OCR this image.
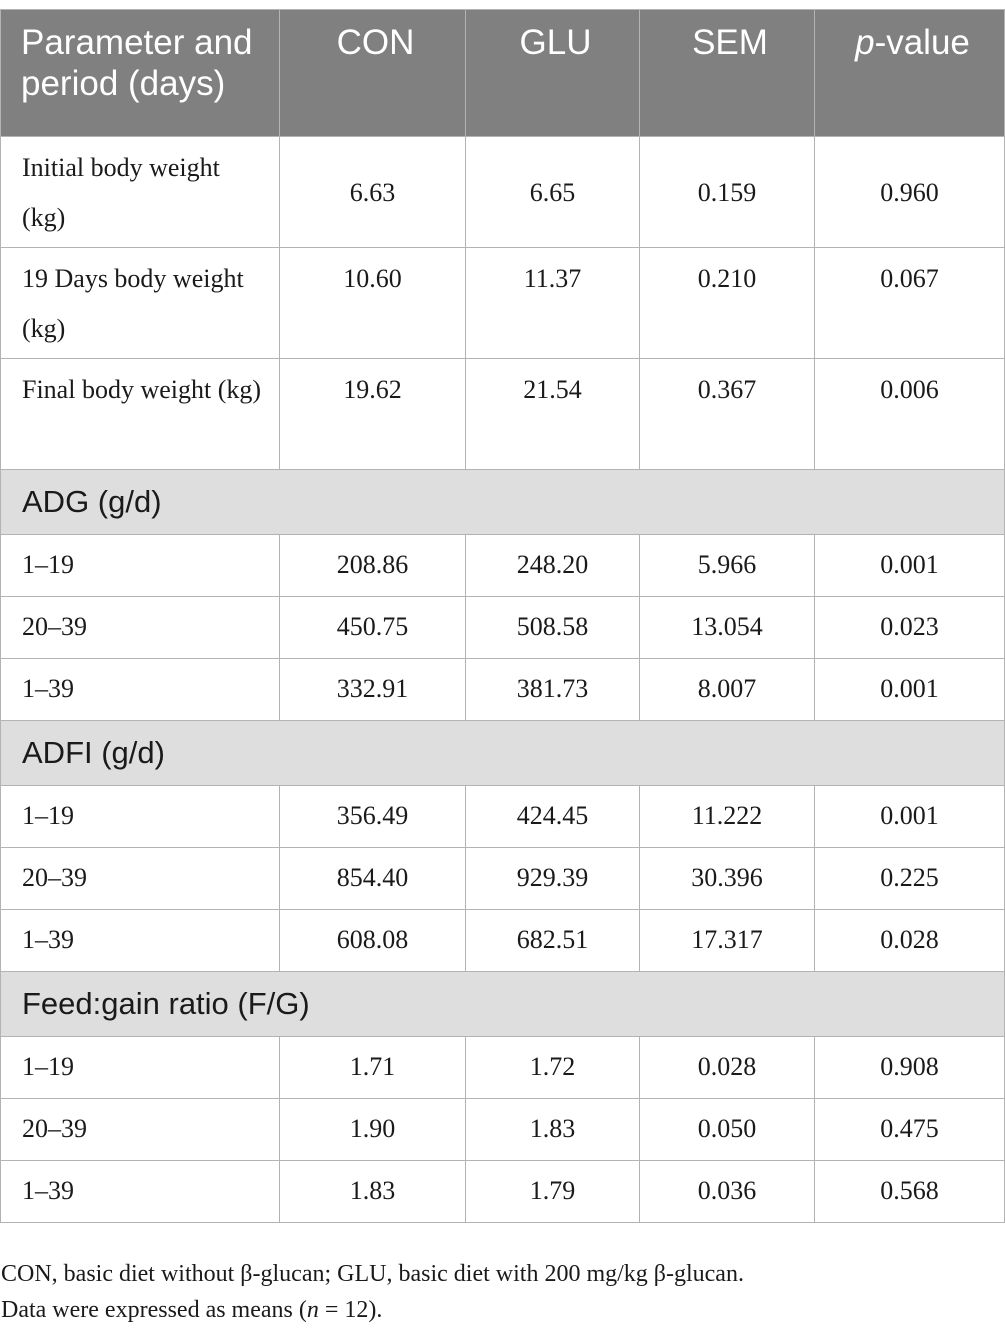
Parameter and period (days)	CON	GLU	SEM	p-value
Initial body weight (kg)	6.63	6.65	0.159	0.960
19 Days body weight (kg)	10.60	11.37	0.210	0.067
Final body weight (kg)	19.62	21.54	0.367	0.006
ADG (g/d)				
1–19	208.86	248.20	5.966	0.001
20–39	450.75	508.58	13.054	0.023
1–39	332.91	381.73	8.007	0.001
ADFI (g/d)				
1–19	356.49	424.45	11.222	0.001
20–39	854.40	929.39	30.396	0.225
1–39	608.08	682.51	17.317	0.028
Feed:gain ratio (F/G)				
1–19	1.71	1.72	0.028	0.908
20–39	1.90	1.83	0.050	0.475
1–39	1.83	1.79	0.036	0.568

CON, basic diet without β-glucan; GLU, basic diet with 200 mg/kg β-glucan.

Data were expressed as means (n = 12).
